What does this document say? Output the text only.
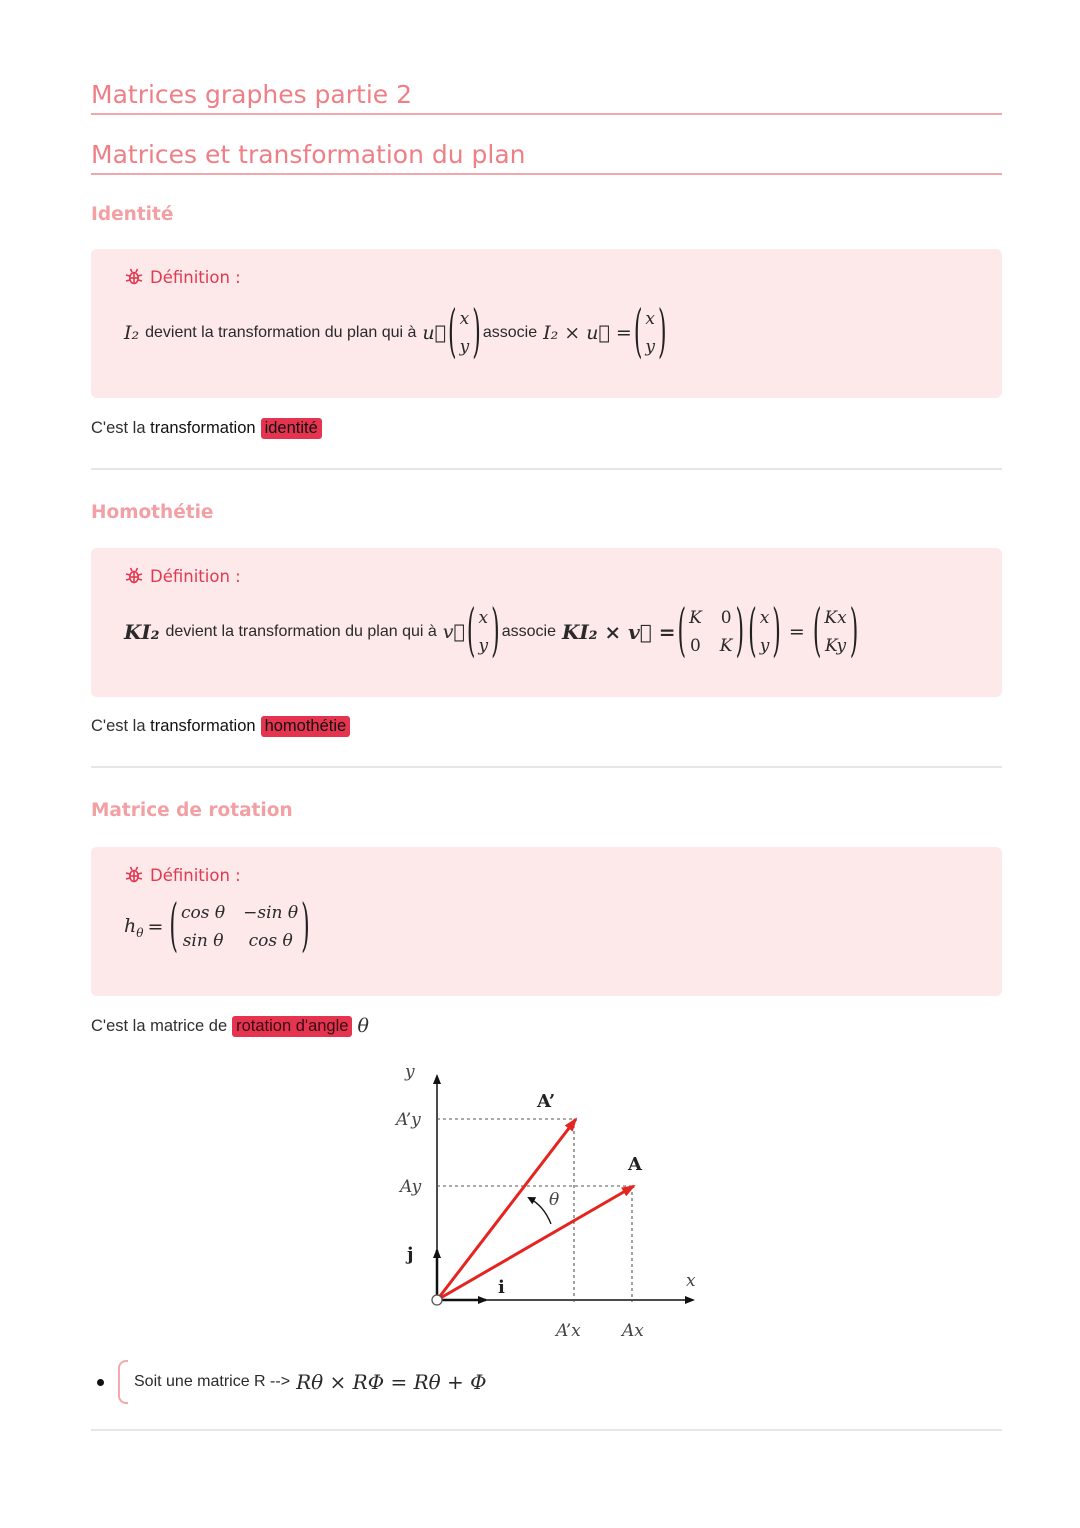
Matrices graphes partie 2
Matrices et transformation du plan
Identité
Définition :
I₂ devient la transformation du plan qui à u⃗ ( x
y ) associe I₂ × u⃗ = ( x
y )
C'est la
transformation identité
Homothétie
Définition :
KI₂ devient la transformation du plan qui à v⃗ ( x
y ) associe KI₂ × v⃗ = ( K 0
0 K ) ( x
y ) = ( Kx
Ky )
C'est la
transformation homothétie
Matrice de rotation
Définition :
$h_\theta$ = ( cos θ −sin θ
sin θ	cos θ )
C'est la matrice de rotation d'angle θ
y
x
A’y
Ay
A’x Ax
θ
A’
A
i
j
Soit une matrice R --> Rθ × RΦ = Rθ + Φ
